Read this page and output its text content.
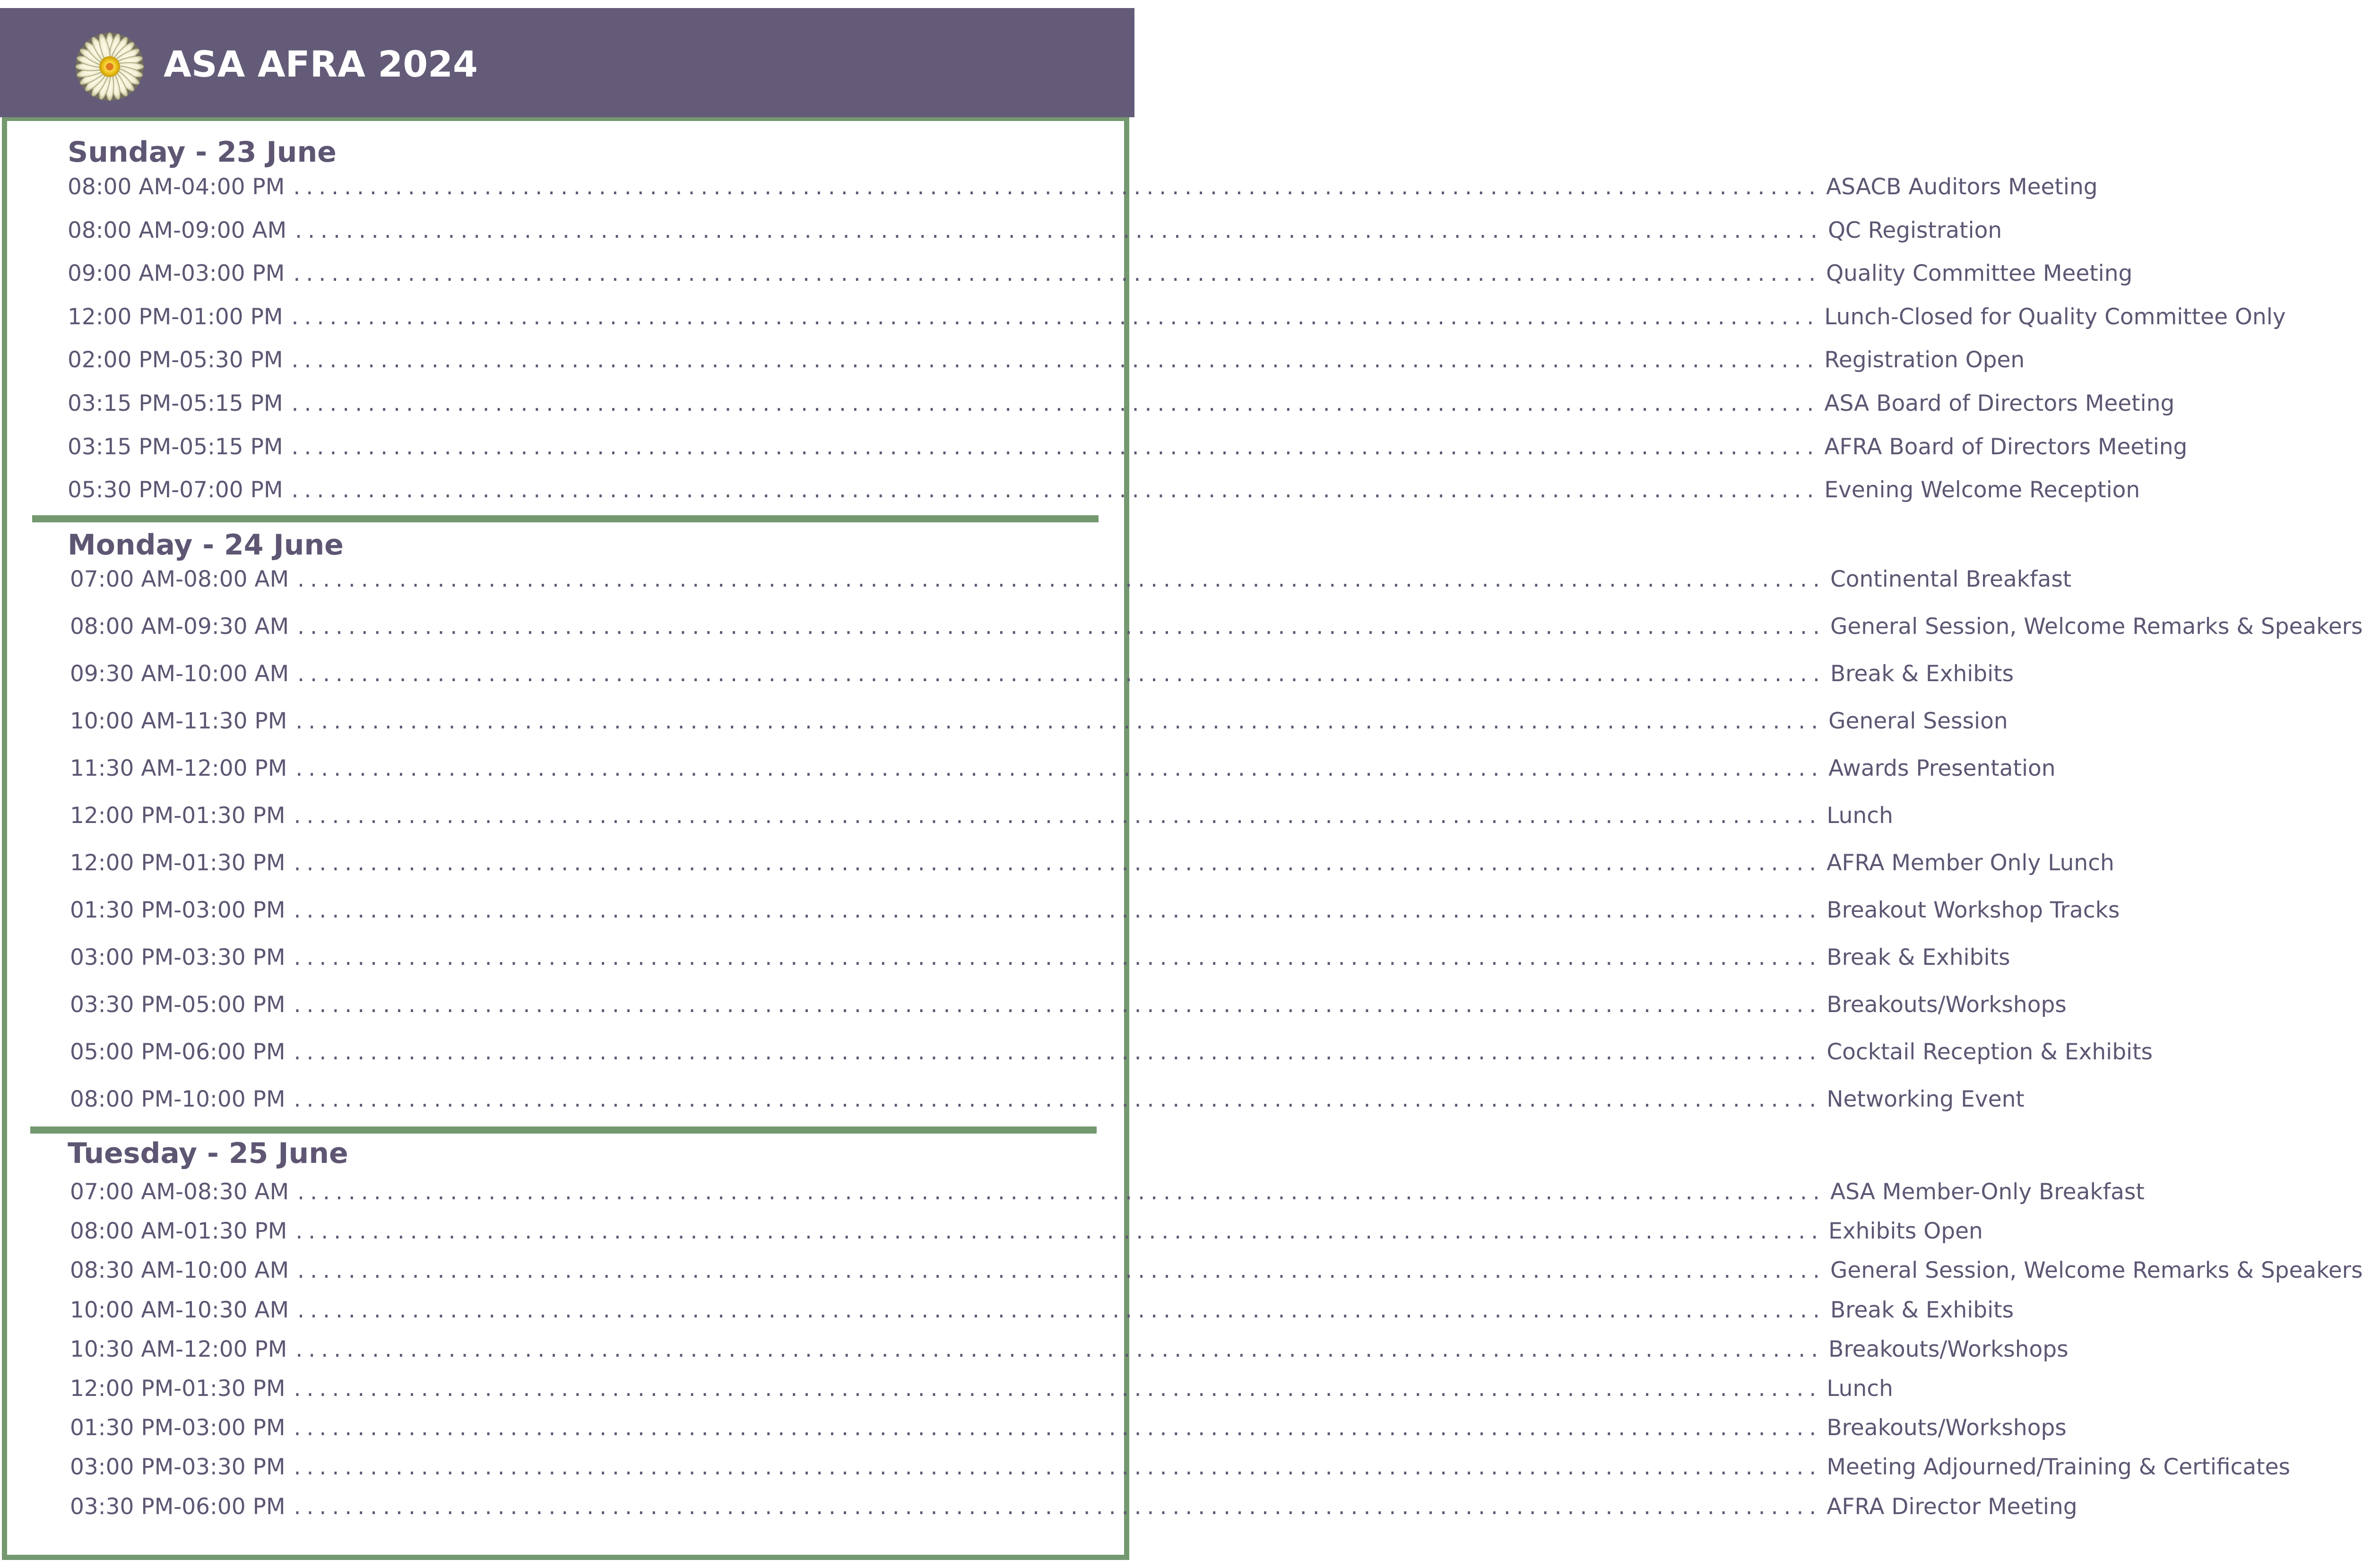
ASA AFRA 2024
Sunday - 23 June
08:00 AM-04:00 PM ........................................................................................................................ ASACB Auditors Meeting
08:00 AM-09:00 AM ........................................................................................................................ QC Registration
09:00 AM-03:00 PM ........................................................................................................................ Quality Committee Meeting
12:00 PM-01:00 PM ........................................................................................................................ Lunch-Closed for Quality Committee Only
02:00 PM-05:30 PM ........................................................................................................................ Registration Open
03:15 PM-05:15 PM ........................................................................................................................ ASA Board of Directors Meeting
03:15 PM-05:15 PM ........................................................................................................................ AFRA Board of Directors Meeting
05:30 PM-07:00 PM ........................................................................................................................ Evening Welcome Reception
Monday - 24 June
07:00 AM-08:00 AM ........................................................................................................................ Continental Breakfast
08:00 AM-09:30 AM ........................................................................................................................ General Session, Welcome Remarks & Speakers
09:30 AM-10:00 AM ........................................................................................................................ Break & Exhibits
10:00 AM-11:30 PM ........................................................................................................................ General Session
11:30 AM-12:00 PM ........................................................................................................................ Awards Presentation
12:00 PM-01:30 PM ........................................................................................................................ Lunch
12:00 PM-01:30 PM ........................................................................................................................ AFRA Member Only Lunch
01:30 PM-03:00 PM ........................................................................................................................ Breakout Workshop Tracks
03:00 PM-03:30 PM ........................................................................................................................ Break & Exhibits
03:30 PM-05:00 PM ........................................................................................................................ Breakouts/Workshops
05:00 PM-06:00 PM ........................................................................................................................ Cocktail Reception & Exhibits
08:00 PM-10:00 PM ........................................................................................................................ Networking Event
Tuesday - 25 June
07:00 AM-08:30 AM ........................................................................................................................ ASA Member-Only Breakfast
08:00 AM-01:30 PM ........................................................................................................................ Exhibits Open
08:30 AM-10:00 AM ........................................................................................................................ General Session, Welcome Remarks & Speakers
10:00 AM-10:30 AM ........................................................................................................................ Break & Exhibits
10:30 AM-12:00 PM ........................................................................................................................ Breakouts/Workshops
12:00 PM-01:30 PM ........................................................................................................................ Lunch
01:30 PM-03:00 PM ........................................................................................................................ Breakouts/Workshops
03:00 PM-03:30 PM ........................................................................................................................ Meeting Adjourned/Training & Certificates
03:30 PM-06:00 PM ........................................................................................................................ AFRA Director Meeting
